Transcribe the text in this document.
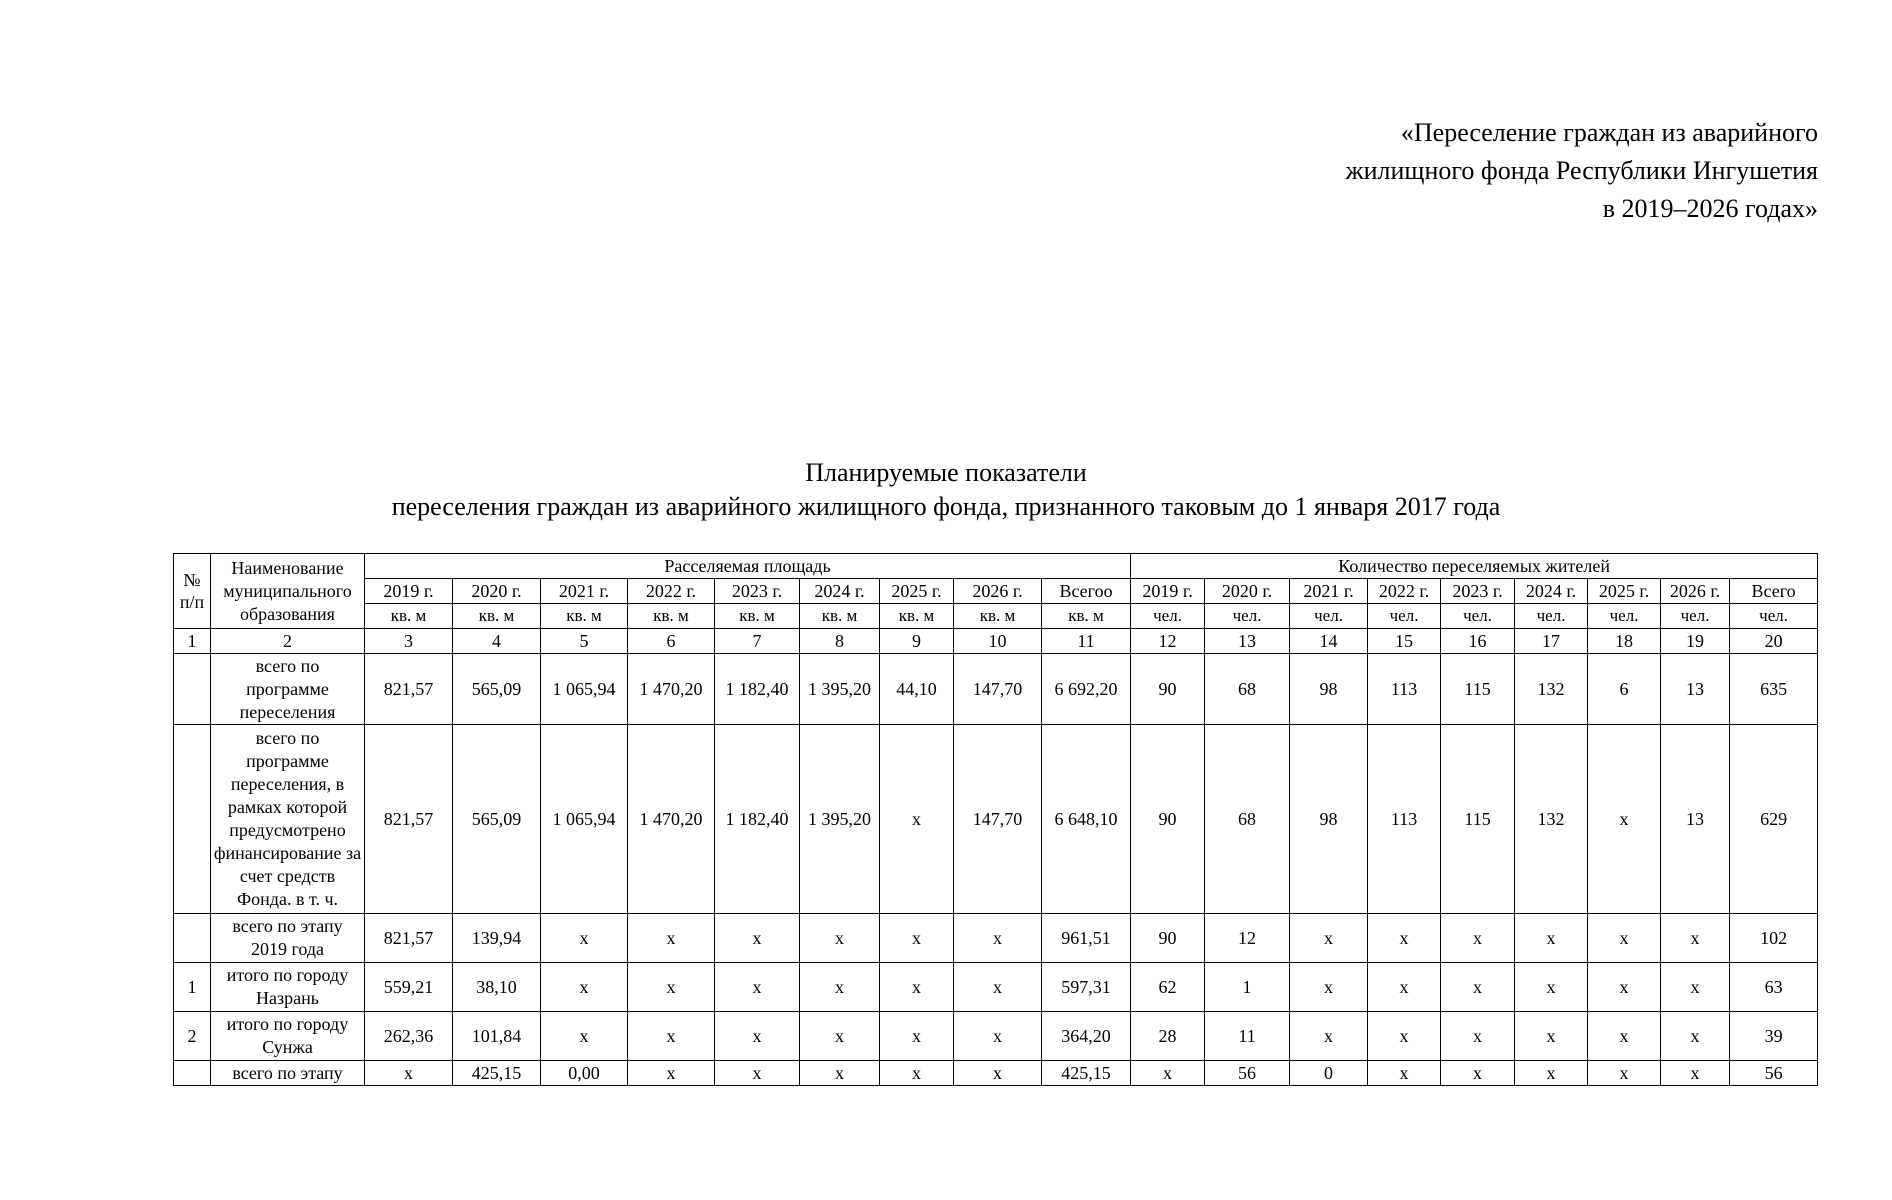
«Переселение граждан из аварийного
жилищного фонда Республики Ингушетия
в 2019–2026 годах»
Планируемые показатели
переселения граждан из аварийного жилищного фонда, признанного таковым до 1 января 2017 года
№ п/п	Наименование муниципального образования	Расселяемая площадь									Количество переселяемых жителей								
		2019 г.	2020 г.	2021 г.	2022 г.	2023 г.	2024 г.	2025 г.	2026 г.	Всегоо	2019 г.	2020 г.	2021 г.	2022 г.	2023 г.	2024 г.	2025 г.	2026 г.	Всего
		кв. м	кв. м	кв. м	кв. м	кв. м	кв. м	кв. м	кв. м	кв. м	чел.	чел.	чел.	чел.	чел.	чел.	чел.	чел.	чел.
1	2	3	4	5	6	7	8	9	10	11	12	13	14	15	16	17	18	19	20
	всего по программе переселения	821,57	565,09	1 065,94	1 470,20	1 182,40	1 395,20	44,10	147,70	6 692,20	90	68	98	113	115	132	6	13	635
	всего по программе переселения, в рамках которой предусмотрено финансирование за счет средств Фонда. в т. ч.	821,57	565,09	1 065,94	1 470,20	1 182,40	1 395,20	x	147,70	6 648,10	90	68	98	113	115	132	x	13	629
	всего по этапу 2019 года	821,57	139,94	x	x	x	x	x	x	961,51	90	12	x	x	x	x	x	x	102
1	итого по городу Назрань	559,21	38,10	x	x	x	x	x	x	597,31	62	1	x	x	x	x	x	x	63
2	итого по городу Сунжа	262,36	101,84	x	x	x	x	x	x	364,20	28	11	x	x	x	x	x	x	39
	всего по этапу	x	425,15	0,00	x	x	x	x	x	425,15	x	56	0	x	x	x	x	x	56
